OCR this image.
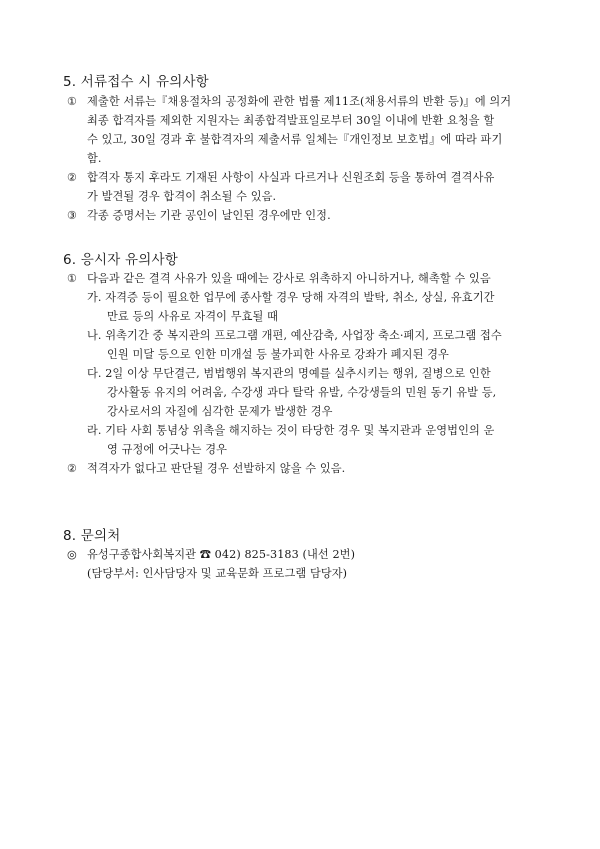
5. 서류접수 시 유의사항
① 제출한 서류는『채용절차의 공정화에 관한 법률 제11조(채용서류의 반환 등)』에 의거
최종 합격자를 제외한 지원자는 최종합격발표일로부터 30일 이내에 반환 요청을 할
수 있고, 30일 경과 후 불합격자의 제출서류 일체는『개인정보 보호법』에 따라 파기
함.
② 합격자 통지 후라도 기재된 사항이 사실과 다르거나 신원조회 등을 통하여 결격사유
가 발견될 경우 합격이 취소될 수 있음.
③ 각종 증명서는 기관 공인이 날인된 경우에만 인정.
6. 응시자 유의사항
① 다음과 같은 결격 사유가 있을 때에는 강사로 위촉하지 아니하거나, 해촉할 수 있음
가. 자격증 등이 필요한 업무에 종사할 경우 당해 자격의 발탁, 취소, 상실, 유효기간
만료 등의 사유로 자격이 무효될 때
나. 위촉기간 중 복지관의 프로그램 개편, 예산감축, 사업장 축소·폐지, 프로그램 접수
인원 미달 등으로 인한 미개설 등 불가피한 사유로 강좌가 폐지된 경우
다. 2일 이상 무단결근, 범법행위 복지관의 명예를 실추시키는 행위, 질병으로 인한
강사활동 유지의 어려움, 수강생 과다 탈락 유발, 수강생들의 민원 동기 유발 등,
강사로서의 자질에 심각한 문제가 발생한 경우
라. 기타 사회 통념상 위촉을 해지하는 것이 타당한 경우 및 복지관과 운영법인의 운
영 규정에 어긋나는 경우
② 적격자가 없다고 판단될 경우 선발하지 않을 수 있음.
8. 문의처
◎ 유성구종합사회복지관 ☎ 042) 825-3183 (내선 2번)
(담당부서: 인사담당자 및 교육문화 프로그램 담당자)
